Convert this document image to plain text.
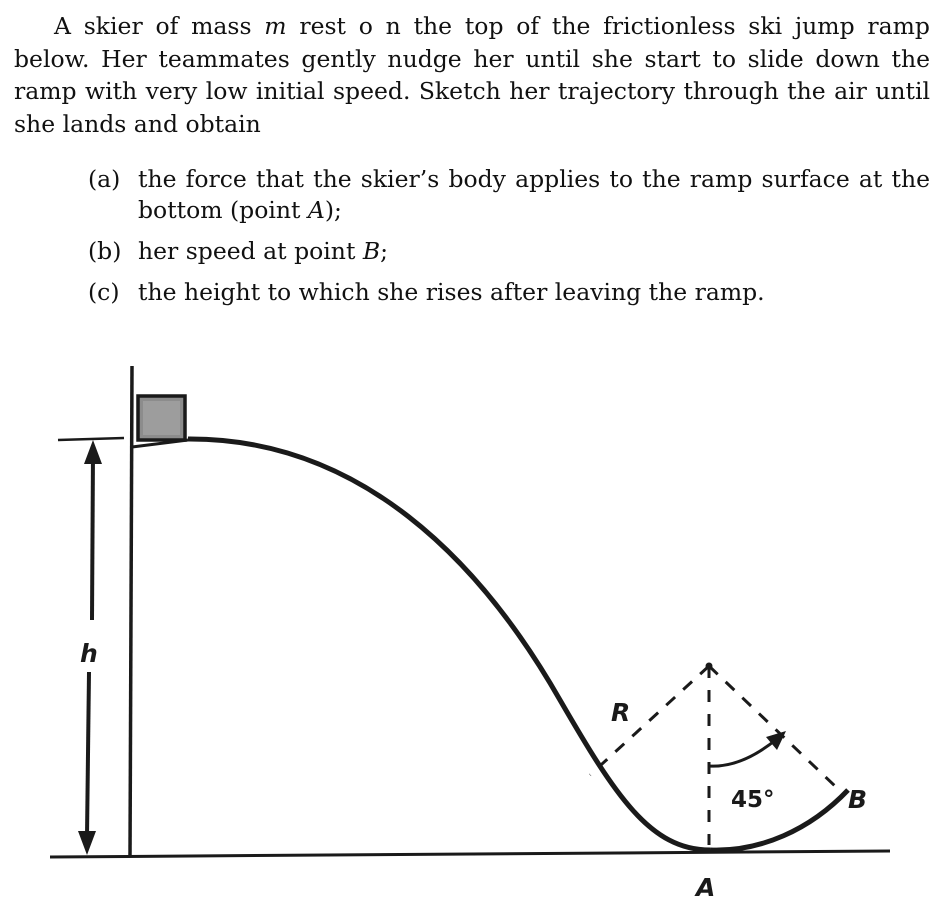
A skier of mass m rest o n the top of the frictionless ski jump ramp below. Her teammates gently nudge her until she start to slide down the ramp with very low initial speed. Sketch her trajectory through the air until she lands and obtain

(a) the force that the skier’s body applies to the ramp surface at the bottom (point A);
(b) her speed at point B;
(c) the height to which she rises after leaving the ramp.
h
R
45°	B
A
